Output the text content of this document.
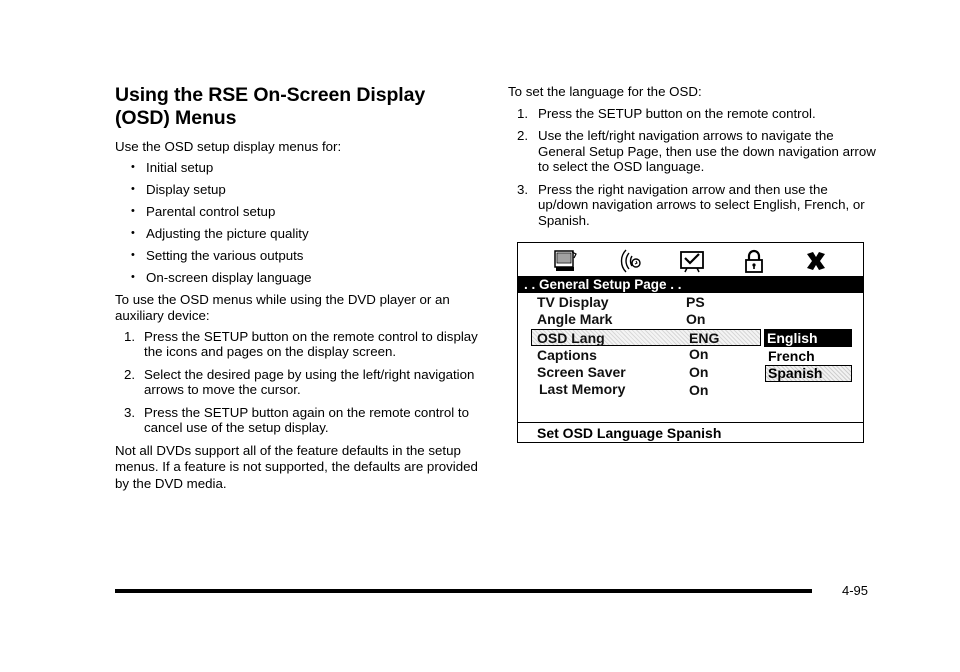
Using the RSE On-Screen Display
(OSD) Menus

Use the OSD setup display menus for:

• Initial setup
• Display setup
• Parental control setup
• Adjusting the picture quality
• Setting the various outputs
• On-screen display language

To use the OSD menus while using the DVD player or an auxiliary device:

1. Press the SETUP button on the remote control to display the icons and pages on the display screen.
2. Select the desired page by using the left/right navigation arrows to move the cursor.
3. Press the SETUP button again on the remote control to cancel use of the setup display.

Not all DVDs support all of the feature defaults in the setup menus. If a feature is not supported, the defaults are provided by the DVD media.

To set the language for the OSD:

1. Press the SETUP button on the remote control.
2. Use the left/right navigation arrows to navigate the General Setup Page, then use the down navigation arrow to select the OSD language.
3. Press the right navigation arrow and then use the up/down navigation arrows to select English, French, or Spanish.
. . General Setup Page . .
TV Display	PS
Angle Mark	On
OSD Lang	ENG
Captions	On
Screen Saver	On
Last Memory	On
English
French
Spanish
Set OSD Language Spanish
4-95
